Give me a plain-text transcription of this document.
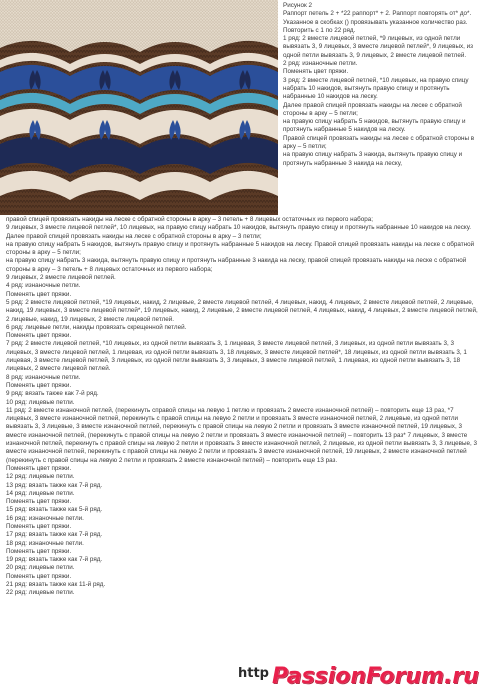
Рисунок 2
Раппорт петель 2 + *22 раппорт* + 2. Раппорт повторять от* до*. Указанное в скобках () провязывать указанное количество раз. Повторить с 1 по 22 ряд.
1 ряд: 2 вместе лицевой петлей, *9 лицевых, из одной петли вывязать 3, 9 лицевых, 3 вместе лицевой петлей*, 9 лицевых, из одной петли вывязать 3, 9 лицевых, 2 вместе лицевой петлей.
2 ряд: изнаночные петли.
Поменять цвет пряжи.
3 ряд: 2 вместе лицевой петлей, *10 лицевых, на правую спицу набрать 10 накидов, вытянуть правую спицу и протянуть набранные 10 накидов на леску.
Далее правой спицей провязать накиды на леске с обратной стороны в арку – 5 петли;
на правую спицу набрать 5 накидов, вытянуть правую спицу и протянуть набранные 5 накидов на леску.
Правой спицей провязать накиды на леске с обратной стороны в арку – 5 петли;
на правую спицу набрать 3 накида, вытянуть правую спицу и протянуть набранные 3 накида на леску,

правой спицей провязать накиды на леске с обратной стороны в арку – 3 петель + 8 лицевых остаточных из первого набора;

9 лицевых, 3 вместе лицевой петлей*, 10 лицевых, на правую спицу набрать 10 накидов, вытянуть правую спицу и протянуть набранные 10 накидов на леску. Далее правой спицей провязать накиды на леске с обратной стороны в арку – 3 петли;

на правую спицу набрать 5 накидов, вытянуть правую спицу и протянуть набранные 5 накидов на леску. Правой спицей провязать накиды на леске с обратной стороны в арку – 5 петли;

на правую спицу набрать 3 накида, вытянуть правую спицу и протянуть набранные 3 накида на леску, правой спицей провязать накиды на леске с обратной стороны в арку – 3 петель + 8 лицевых остаточных из первого набора;

9 лицевых, 2 вместе лицевой петлей.

4 ряд: изнаночные петли.

Поменять цвет пряжи.

5 ряд: 2 вместе лицевой петлей, *19 лицевых, накид, 2 лицевые, 2 вместе лицевой петлей, 4 лицевых, накид, 4 лицевых, 2 вместе лицевой петлей, 2 лицевые, накид, 19 лицевых, 3 вместе лицевой петлей*, 19 лицевых, накид, 2 лицевые, 2 вместе лицевой петлей, 4 лицевых, накид, 4 лицевых, 2 вместе лицевой петлей, 2 лицевые, накид, 19 лицевых, 2 вместе лицевой петлей.

6 ряд: лицевые петли, накиды провязать скрещенной петлей.

Поменять цвет пряжи.

7 ряд: 2 вместе лицевой петлей, *10 лицевых, из одной петли вывязать 3, 1 лицевая, 3 вместе лицевой петлей, 3 лицевых, из одной петли вывязать 3, 3 лицевых, 3 вместе лицевой петлей, 1 лицевая, из одной петли вывязать 3, 18 лицевых, 3 вместе лицевой петлей*, 18 лицевых, из одной петли вывязать 3, 1 лицевая, 3 вместе лицевой петлей, 3 лицевых, из одной петли вывязать 3, 3 лицевых, 3 вместе лицевой петлей, 1 лицевая, из одной петли вывязать 3, 18 лицевых, 2 вместе лицевой петлей.

8 ряд: изнаночные петли.

Поменять цвет пряжи.

9 ряд: вязать также как 7-й ряд.

10 ряд: лицевые петли.

11 ряд: 2 вместе изнаночной петлей, (перекинуть справой спицы на левую 1 петлю и провязать 2 вместе изнаночной петлей) – повторить еще 13 раз, *7 лицевых, 3 вместе изнаночной петлей, перекинуть с правой спицы на левую 2 петли и провязать 3 вместе изнаночной петлей, 2 лицевые, из одной петли вывязать 3, 3 лицевые, 3 вместе изнаночной петлей, перекинуть с правой спицы на левую 2 петли и провязать 3 вместе изнаночной петлей, 19 лицевых, 3 вместе изнаночной петлей, (перекинуть с правой спицы на левую 2 петли и провязать 3 вместе изнаночной петлей) – повторить 13 раз* 7 лицевых, 3 вместе изнаночной петлей, перекинуть с правой спицы на левую 2 петли и провязать 3 вместе изнаночной петлей, 2 лицевые, из одной петли вывязать 3, 3 лицевые, 3 вместе изнаночной петлей, перекинуть с правой спицы на левую 2 петли и провязать 3 вместе изнаночной петлей, 19 лицевых, 2 вместе изнаночной петлей (перекинуть с правой спицы на левую 2 петли и провязать 2 вместе изнаночной петлей) – повторить еще 13 раз.

Поменять цвет пряжи.

12 ряд: лицевые петли.

13 ряд: вязать также как 7-й ряд.

14 ряд: лицевые петли.

Поменять цвет пряжи.

15 ряд: вязать также как 5-й ряд.

16 ряд: изнаночные петли.

Поменять цвет пряжи.

17 ряд: вязать также как 7-й ряд.

18 ряд: изнаночные петли.

Поменять цвет пряжи.

19 ряд: вязать также как 7-й ряд.

20 ряд: лицевые петли.

Поменять цвет пряжи.

21 ряд: вязать также как 11-й ряд.

22 ряд: лицевые петли.

$^{http}$ PassionForum.ru
